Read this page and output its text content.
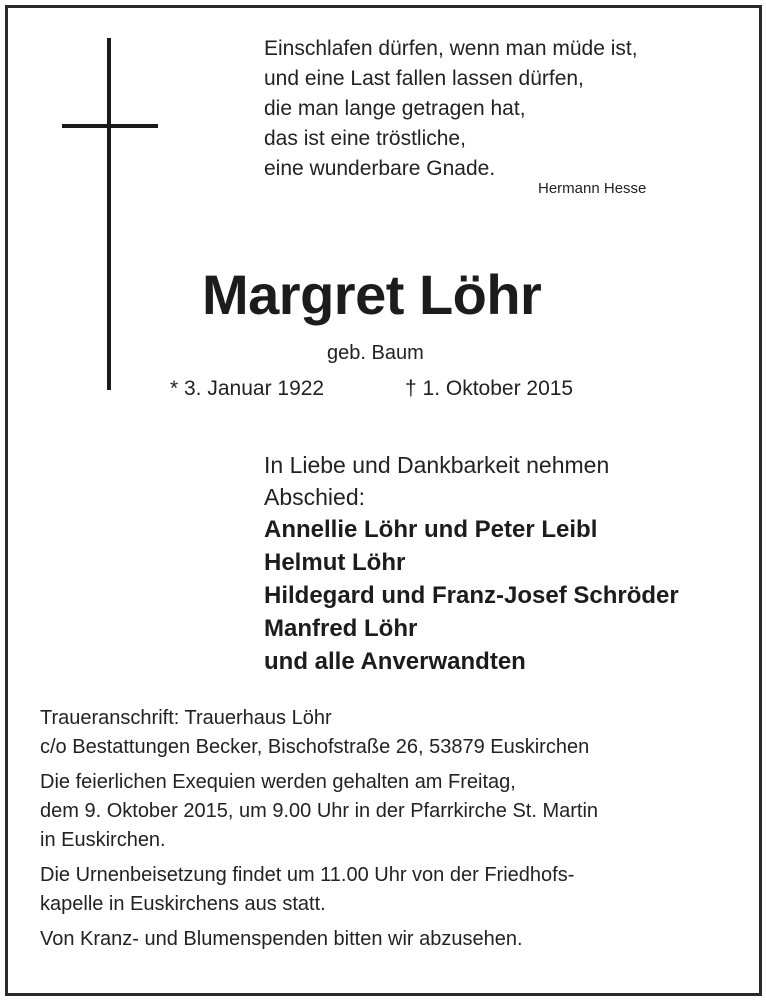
Einschlafen dürfen, wenn man müde ist,
und eine Last fallen lassen dürfen,
die man lange getragen hat,
das ist eine tröstliche,
eine wunderbare Gnade.
Hermann Hesse
Margret Löhr
geb. Baum
* 3. Januar 1922	† 1. Oktober 2015
In Liebe und Dankbarkeit nehmen Abschied:
Annellie Löhr und Peter Leibl
Helmut Löhr
Hildegard und Franz-Josef Schröder
Manfred Löhr
und alle Anverwandten

Traueranschrift: Trauerhaus Löhr
c/o Bestattungen Becker, Bischofstraße 26, 53879 Euskirchen

Die feierlichen Exequien werden gehalten am Freitag,
dem 9. Oktober 2015, um 9.00 Uhr in der Pfarrkirche St. Martin
in Euskirchen.

Die Urnenbeisetzung findet um 11.00 Uhr von der Friedhofs-
kapelle in Euskirchens aus statt.

Von Kranz- und Blumenspenden bitten wir abzusehen.
